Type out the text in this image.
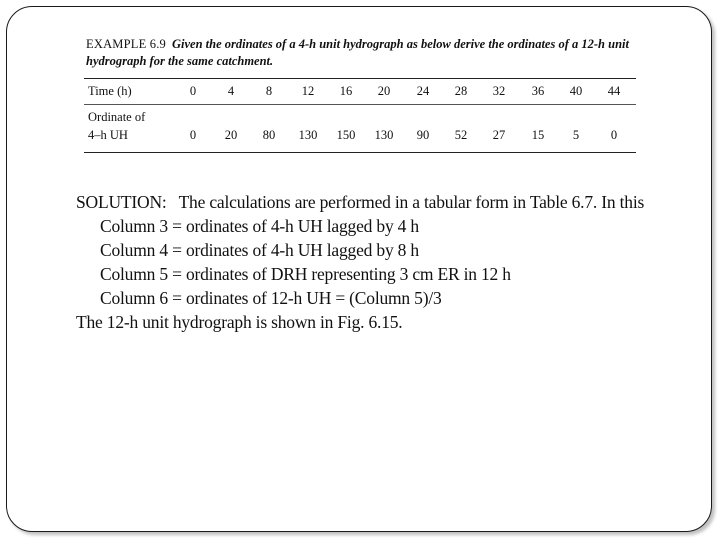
EXAMPLE 6.9 Given the ordinates of a 4-h unit hydrograph as below derive the ordinates of a 12-h unit hydrograph for the same catchment.
Time (h)	0	4	8 12 16 20 24 28 32 36 40 44
Ordinate of
4–h UH	0 20 80 130 150 130 90 52 27 15 5	0
SOLUTION: The calculations are performed in a tabular form in Table 6.7. In this
Column 3 = ordinates of 4-h UH lagged by 4 h
Column 4 = ordinates of 4-h UH lagged by 8 h
Column 5 = ordinates of DRH representing 3 cm ER in 12 h
Column 6 = ordinates of 12-h UH = (Column 5)/3
The 12-h unit hydrograph is shown in Fig. 6.15.
